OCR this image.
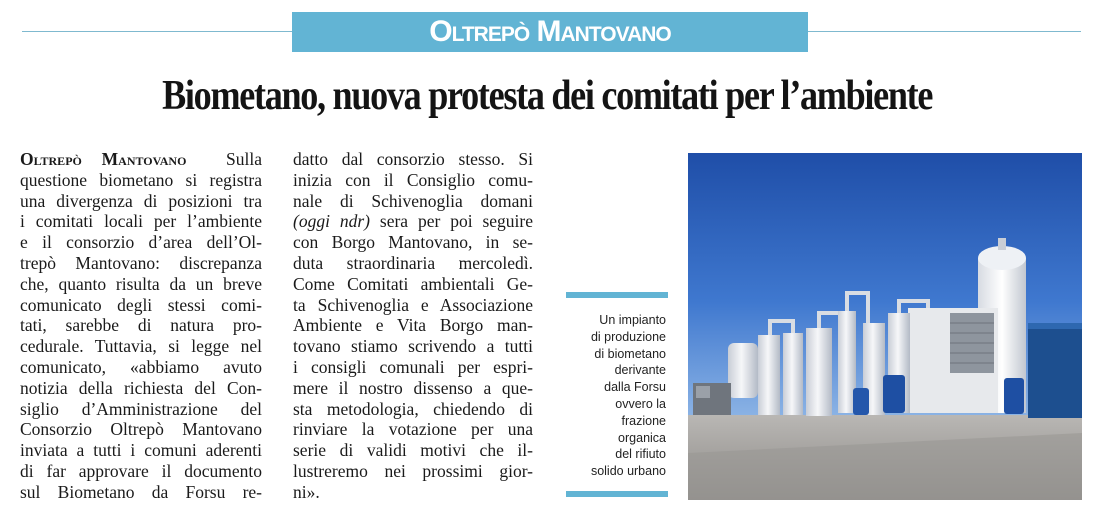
Oltrepò Mantovano
Biometano, nuova protesta dei comitati per l’ambiente
Oltrepò Mantovano Sulla
questione biometano si registra
una divergenza di posizioni tra
i comitati locali per l’ambiente
e il consorzio d’area dell’Ol-
trepò Mantovano: discrepanza
che, quanto risulta da un breve
comunicato degli stessi comi-
tati, sarebbe di natura pro-
cedurale. Tuttavia, si legge nel
comunicato, «abbiamo avuto
notizia della richiesta del Con-
siglio d’Amministrazione del
Consorzio Oltrepò Mantovano
inviata a tutti i comuni aderenti
di far approvare il documento
sul Biometano da Forsu re-
datto dal consorzio stesso. Si
inizia con il Consiglio comu-
nale di Schivenoglia domani
(oggi ndr) sera per poi seguire
con Borgo Mantovano, in se-
duta straordinaria mercoledì.
Come Comitati ambientali Ge-
ta Schivenoglia e Associazione
Ambiente e Vita Borgo man-
tovano stiamo scrivendo a tutti
i consigli comunali per espri-
mere il nostro dissenso a que-
sta metodologia, chiedendo di
rinviare la votazione per una
serie di validi motivi che il-
lustreremo nei prossimi gior-
ni».
Un impianto
di produzione
di biometano
derivante
dalla Forsu
ovvero la
frazione
organica
del rifiuto
solido urbano
